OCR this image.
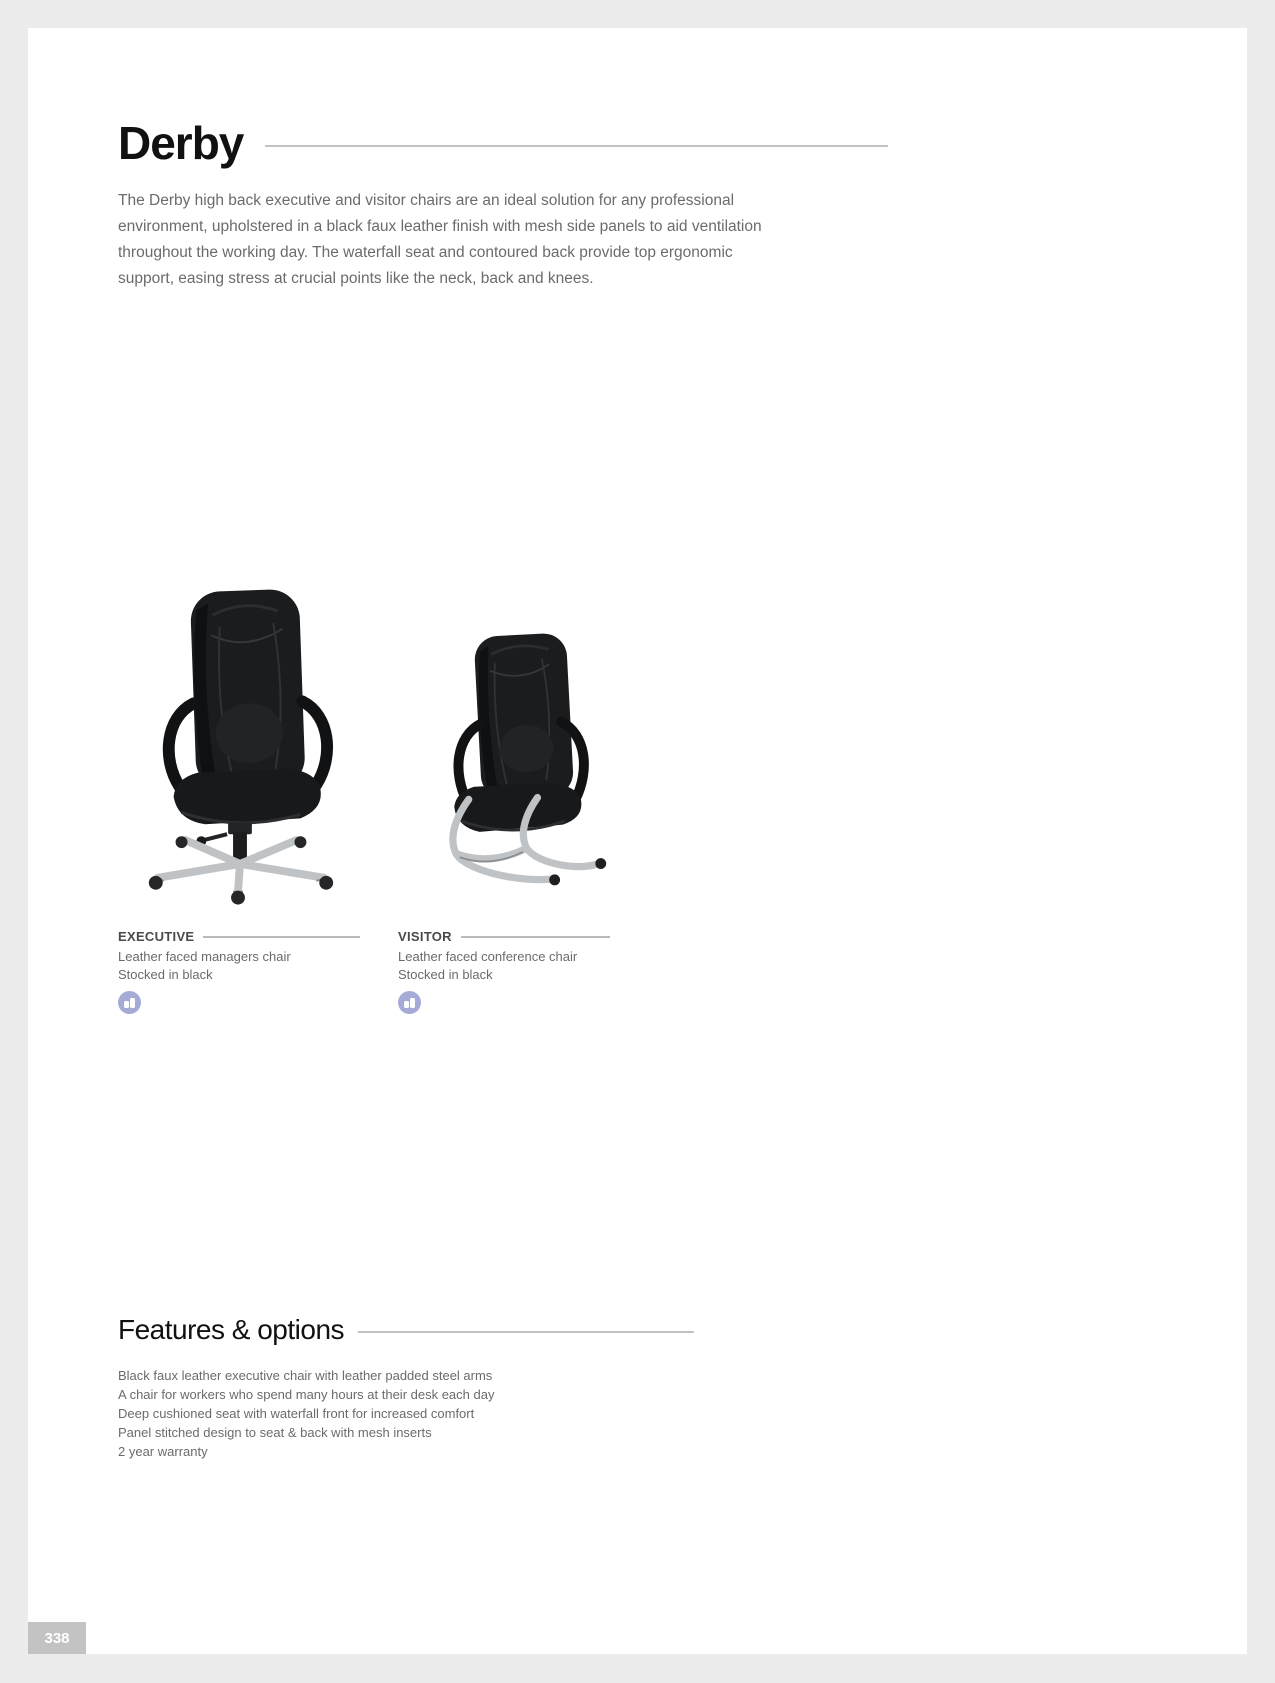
Derby
The Derby high back executive and visitor chairs are an ideal solution for any professional
environment, upholstered in a black faux leather finish with mesh side panels to aid ventilation
throughout the working day. The waterfall seat and contoured back provide top ergonomic
support, easing stress at crucial points like the neck, back and knees.
EXECUTIVE
Leather faced managers chair
Stocked in black
VISITOR
Leather faced conference chair
Stocked in black
Features & options
Black faux leather executive chair with leather padded steel arms
A chair for workers who spend many hours at their desk each day
Deep cushioned seat with waterfall front for increased comfort
Panel stitched design to seat & back with mesh inserts
2 year warranty
338
